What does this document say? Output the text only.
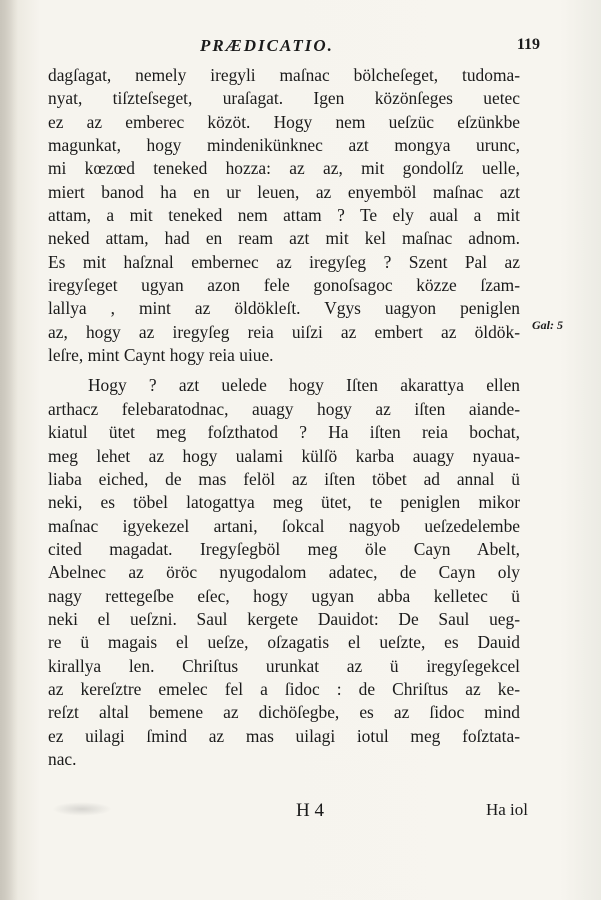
PRÆDICATIO.	119
dagſagat, nemely iregyli maſnac bölcheſeget, tudoma-
nyat, tiſzteſseget, uraſagat. Igen közönſeges uetec
ez az emberec közöt. Hogy nem ueſzüc eſzünkbe
magunkat, hogy mindenikünknec azt mongya urunc,
mi kœzœd teneked hozza: az az, mit gondolſz uelle,
miert banod ha en ur leuen, az enyemböl maſnac azt
attam, a mit teneked nem attam ? Te ely aual a mit
neked attam, had en ream azt mit kel maſnac adnom.
Es mit haſznal embernec az iregyſeg ? Szent Pal az
iregyſeget ugyan azon fele gonoſsagoc közze ſzam-
lallya , mint az öldökleſt. Vgys uagyon peniglen
az, hogy az iregyſeg reia uiſzi az embert az öldök-
leſre, mint Caynt hogy reia uiue.
Hogy ? azt uelede hogy Iſten akarattya ellen
arthacz felebaratodnac, auagy hogy az iſten aiande-
kiatul ütet meg foſzthatod ? Ha iſten reia bochat,
meg lehet az hogy ualami külſö karba auagy nyaua-
liaba eiched, de mas felöl az iſten töbet ad annal ü
neki, es töbel latogattya meg ütet, te peniglen mikor
maſnac igyekezel artani, ſokcal nagyob ueſzedelembe
cited magadat. Iregyſegböl meg öle Cayn Abelt,
Abelnec az öröc nyugodalom adatec, de Cayn oly
nagy rettegeſbe eſec, hogy ugyan abba kelletec ü
neki el ueſzni. Saul kergete Dauidot: De Saul ueg-
re ü magais el ueſze, oſzagatis el ueſzte, es Dauid
kirallya len. Chriſtus urunkat az ü iregyſegekcel
az kereſztre emelec fel a ſidoc : de Chriſtus az ke-
reſzt altal bemene az dichöſegbe, es az ſidoc mind
ez uilagi ſmind az mas uilagi iotul meg foſztata-
nac.
Gal: 5
H 4	Ha iol
